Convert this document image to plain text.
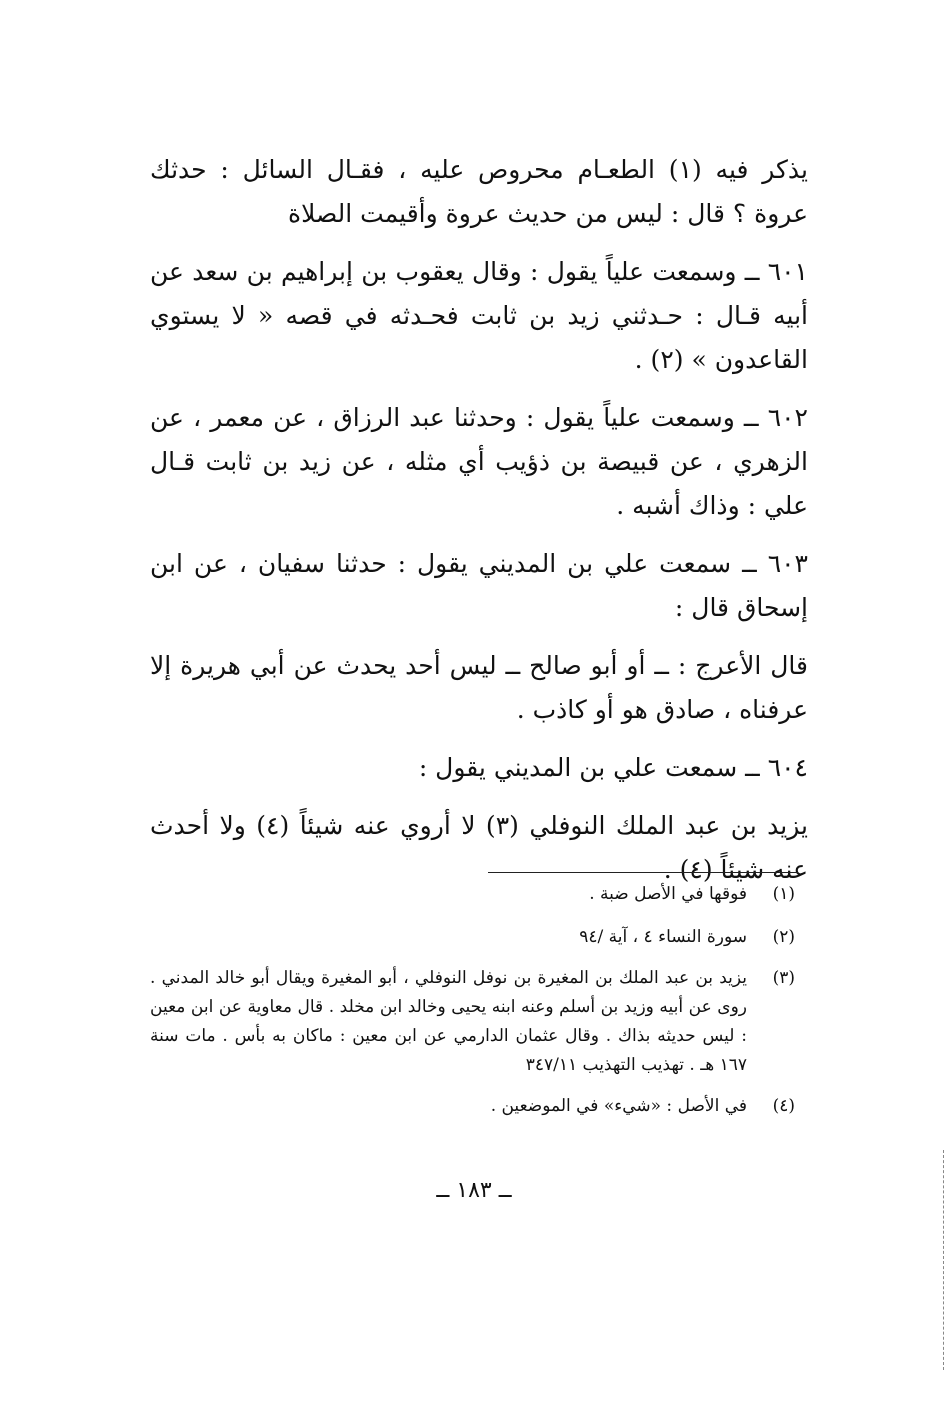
يذكر فيه (١) الطعـام محروص عليه ، فقـال السائل : حدثك عروة ؟ قال : ليس من حديث عروة وأقيمت الصلاة

٦٠١ ــ وسمعت علياً يقول : وقال يعقوب بن إبراهيم بن سعد عن أبيه قـال : حـدثني زيد بن ثابت فحـدثه في قصه « لا يستوي القاعدون » (٢) .

٦٠٢ ــ وسمعت علياً يقول : وحدثنا عبد الرزاق ، عن معمر ، عن الزهري ، عن قبيصة بن ذؤيب أي مثله ، عن زيد بن ثابت قـال علي : وذاك أشبه .

٦٠٣ ــ سمعت علي بن المديني يقول : حدثنا سفيان ، عن ابن إسحاق قال :

قال الأعرج : ــ أو أبو صالح ــ ليس أحد يحدث عن أبي هريرة إلا عرفناه ، صادق هو أو كاذب .

٦٠٤ ــ سمعت علي بن المديني يقول :

يزيد بن عبد الملك النوفلي (٣) لا أروي عنه شيئاً (٤) ولا أحدث عنه شيئاً (٤) .

(١)
فوقها في الأصل ضبة .
(٢)
سورة النساء ٤ ، آية /٩٤
(٣)
يزيد بن عبد الملك بن المغيرة بن نوفل النوفلي ، أبو المغيرة ويقال أبو خالد المدني . روى عن أبيه وزيد بن أسلم وعنه ابنه يحيى وخالد ابن مخلد . قال معاوية عن ابن معين : ليس حديثه بذاك . وقال عثمان الدارمي عن ابن معين : ماكان به بأس . مات سنة ١٦٧ هـ . تهذيب التهذيب ٣٤٧/١١
(٤)
في الأصل : «شيء» في الموضعين .
ــ ١٨٣ ــ
